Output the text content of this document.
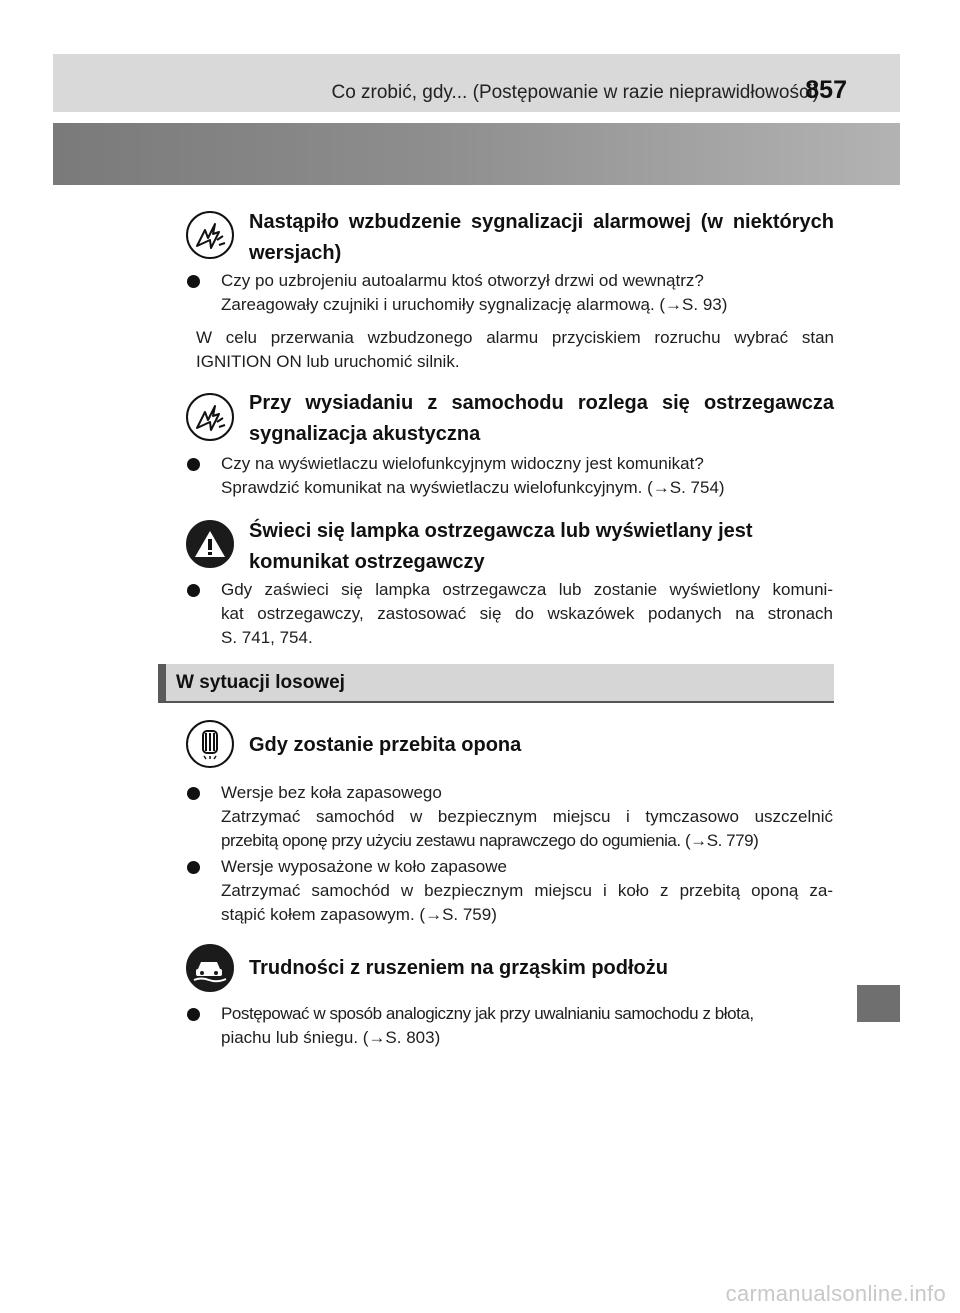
Co zrobić, gdy... (Postępowanie w razie nieprawidłowości)
857
Nastąpiło wzbudzenie sygnalizacji alarmowej (w niektórych
wersjach)
Czy po uzbrojeniu autoalarmu ktoś otworzył drzwi od wewnątrz?
Zareagowały czujniki i uruchomiły sygnalizację alarmową. (→S. 93)
W celu przerwania wzbudzonego alarmu przyciskiem rozruchu wybrać stan
IGNITION ON lub uruchomić silnik.
Przy wysiadaniu z samochodu rozlega się ostrzegawcza
sygnalizacja akustyczna
Czy na wyświetlaczu wielofunkcyjnym widoczny jest komunikat?
Sprawdzić komunikat na wyświetlaczu wielofunkcyjnym. (→S. 754)
Świeci się lampka ostrzegawcza lub wyświetlany jest
komunikat ostrzegawczy
Gdy zaświeci się lampka ostrzegawcza lub zostanie wyświetlony komuni-
kat ostrzegawczy, zastosować się do wskazówek podanych na stronach
S. 741, 754.
W sytuacji losowej
Gdy zostanie przebita opona
Wersje bez koła zapasowego
Zatrzymać samochód w bezpiecznym miejscu i tymczasowo uszczelnić
przebitą oponę przy użyciu zestawu naprawczego do ogumienia. (→S. 779)
Wersje wyposażone w koło zapasowe
Zatrzymać samochód w bezpiecznym miejscu i koło z przebitą oponą za-
stąpić kołem zapasowym. (→S. 759)
Trudności z ruszeniem na grząskim podłożu
Postępować w sposób analogiczny jak przy uwalnianiu samochodu z błota,
piachu lub śniegu. (→S. 803)
carmanualsonline.info
